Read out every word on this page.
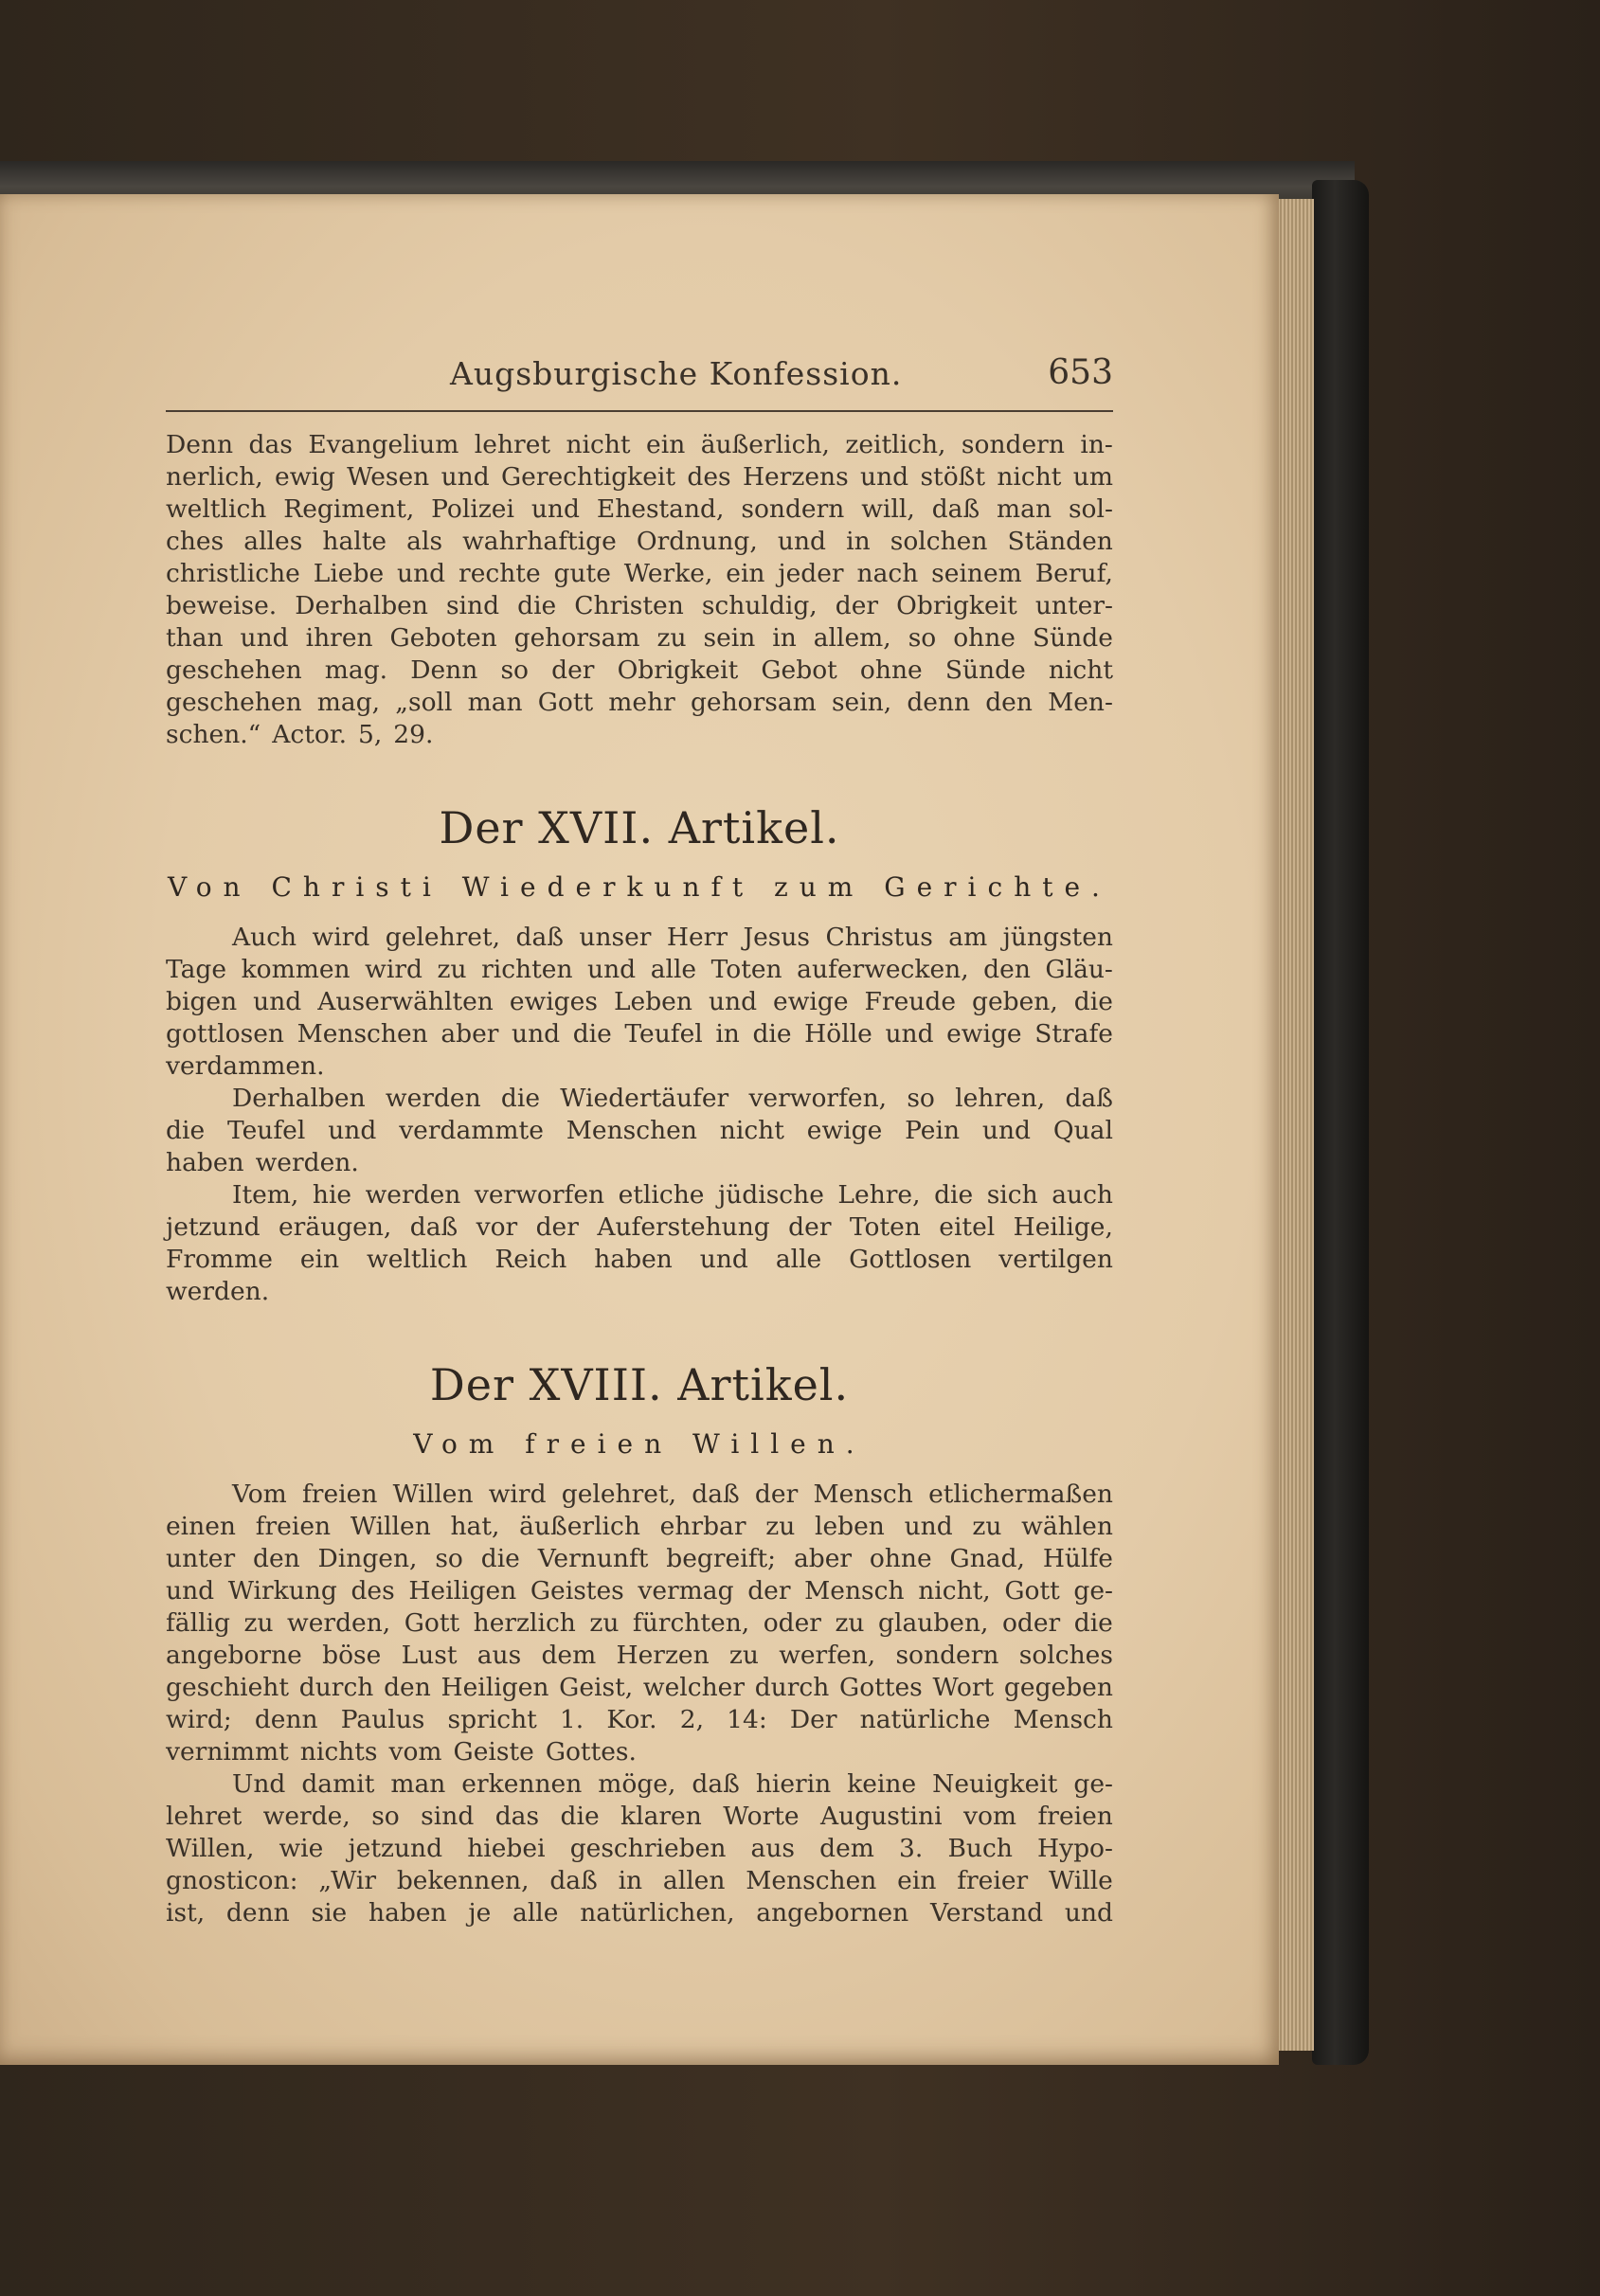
Augsburgische Konfession.	653
Denn das Evangelium lehret nicht ein äußerlich, zeitlich, sondern in-
nerlich, ewig Wesen und Gerechtigkeit des Herzens und stößt nicht um
weltlich Regiment, Polizei und Ehestand, sondern will, daß man sol-
ches alles halte als wahrhaftige Ordnung, und in solchen Ständen
christliche Liebe und rechte gute Werke, ein jeder nach seinem Beruf,
beweise. Derhalben sind die Christen schuldig, der Obrigkeit unter-
than und ihren Geboten gehorsam zu sein in allem, so ohne Sünde
geschehen mag. Denn so der Obrigkeit Gebot ohne Sünde nicht
geschehen mag, „soll man Gott mehr gehorsam sein, denn den Men-
schen.“ Actor. 5, 29.
Der XVII. Artikel.
Von Christi Wiederkunft zum Gerichte.
Auch wird gelehret, daß unser Herr Jesus Christus am jüngsten
Tage kommen wird zu richten und alle Toten auferwecken, den Gläu-
bigen und Auserwählten ewiges Leben und ewige Freude geben, die
gottlosen Menschen aber und die Teufel in die Hölle und ewige Strafe
verdammen.
Derhalben werden die Wiedertäufer verworfen, so lehren, daß
die Teufel und verdammte Menschen nicht ewige Pein und Qual
haben werden.
Item, hie werden verworfen etliche jüdische Lehre, die sich auch
jetzund eräugen, daß vor der Auferstehung der Toten eitel Heilige,
Fromme ein weltlich Reich haben und alle Gottlosen vertilgen
werden.
Der XVIII. Artikel.
Vom freien Willen.
Vom freien Willen wird gelehret, daß der Mensch etlichermaßen
einen freien Willen hat, äußerlich ehrbar zu leben und zu wählen
unter den Dingen, so die Vernunft begreift; aber ohne Gnad, Hülfe
und Wirkung des Heiligen Geistes vermag der Mensch nicht, Gott ge-
fällig zu werden, Gott herzlich zu fürchten, oder zu glauben, oder die
angeborne böse Lust aus dem Herzen zu werfen, sondern solches
geschieht durch den Heiligen Geist, welcher durch Gottes Wort gegeben
wird; denn Paulus spricht 1. Kor. 2, 14: Der natürliche Mensch
vernimmt nichts vom Geiste Gottes.
Und damit man erkennen möge, daß hierin keine Neuigkeit ge-
lehret werde, so sind das die klaren Worte Augustini vom freien
Willen, wie jetzund hiebei geschrieben aus dem 3. Buch Hypo-
gnosticon: „Wir bekennen, daß in allen Menschen ein freier Wille
ist, denn sie haben je alle natürlichen, angebornen Verstand und
